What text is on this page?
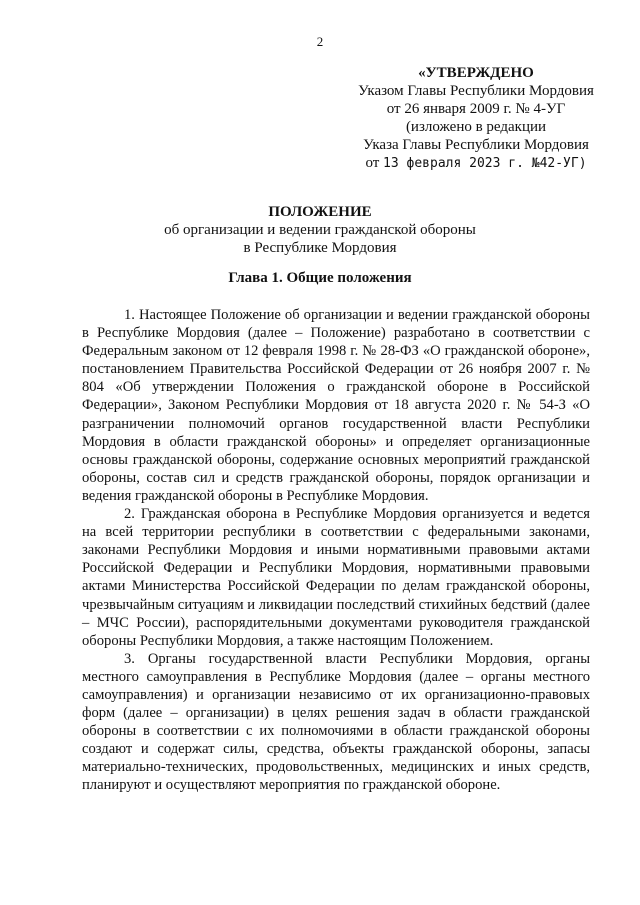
2
«УТВЕРЖДЕНО
Указом Главы Республики Мордовия
от 26 января 2009 г. № 4-УГ
(изложено в редакции
Указа Главы Республики Мордовия
от 13 февраля 2023 г. №42-УГ)
ПОЛОЖЕНИЕ
об организации и ведении гражданской обороны
в Республике Мордовия
Глава 1. Общие положения

1. Настоящее Положение об организации и ведении гражданской обороны в Республике Мордовия (далее – Положение) разработано в соответствии с Федеральным законом от 12 февраля 1998 г. № 28-ФЗ «О гражданской обороне», постановлением Правительства Российской Федерации от 26 ноября 2007 г. № 804 «Об утверждении Положения о гражданской обороне в Российской Федерации», Законом Республики Мордовия от 18 августа 2020 г. № 54-З «О разграничении полномочий органов государственной власти Республики Мордовия в области гражданской обороны» и определяет организационные основы гражданской обороны, содержание основных мероприятий гражданской обороны, состав сил и средств гражданской обороны, порядок организации и ведения гражданской обороны в Республике Мордовия.

2. Гражданская оборона в Республике Мордовия организуется и ведется на всей территории республики в соответствии с федеральными законами, законами Республики Мордовия и иными нормативными правовыми актами Российской Федерации и Республики Мордовия, нормативными правовыми актами Министерства Российской Федерации по делам гражданской обороны, чрезвычайным ситуациям и ликвидации последствий стихийных бедствий (далее – МЧС России), распорядительными документами руководителя гражданской обороны Республики Мордовия, а также настоящим Положением.

3. Органы государственной власти Республики Мордовия, органы местного самоуправления в Республике Мордовия (далее – органы местного самоуправления) и организации независимо от их организационно-правовых форм (далее – организации) в целях решения задач в области гражданской обороны в соответствии с их полномочиями в области гражданской обороны создают и содержат силы, средства, объекты гражданской обороны, запасы материально-технических, продовольственных, медицинских и иных средств, планируют и осуществляют мероприятия по гражданской обороне.
